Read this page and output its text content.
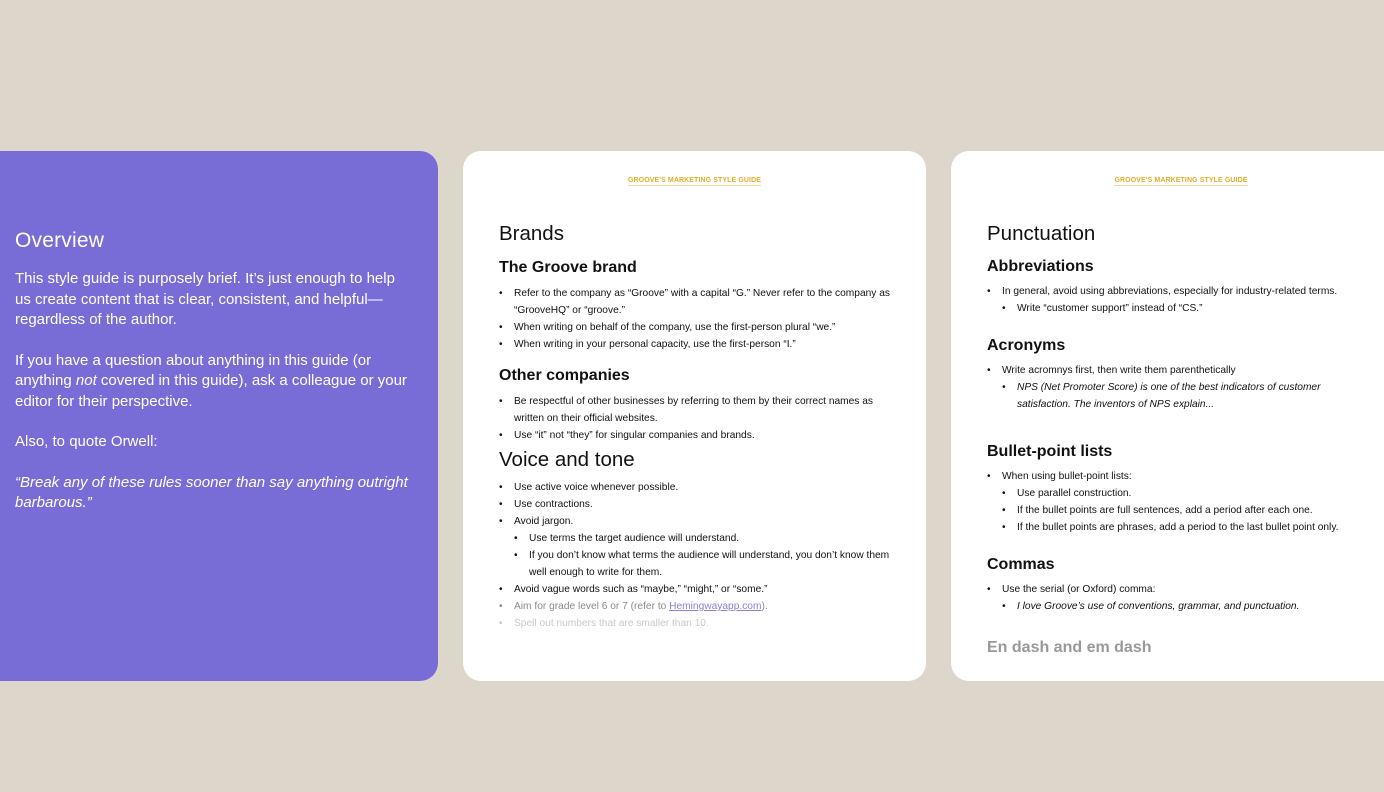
Overview

This style guide is purposely brief. It’s just enough to help us create content that is clear, consistent, and helpful—regardless of the author.

If you have a question about anything in this guide (or anything not covered in this guide), ask a colleague or your editor for their perspective.

Also, to quote Orwell:

“Break any of these rules sooner than say anything outright barbarous.”

GROOVE'S MARKETING STYLE GUIDE
Brands
The Groove brand
• Refer to the company as “Groove” with a capital “G.” Never refer to the company as “GrooveHQ” or “groove.”
• When writing on behalf of the company, use the first-person plural “we.”
• When writing in your personal capacity, use the first-person “I.”
Other companies
• Be respectful of other businesses by referring to them by their correct names as written on their official websites.
• Use “it” not “they” for singular companies and brands.
Voice and tone
• Use active voice whenever possible.
• Use contractions.
• Avoid jargon.
• Use terms the target audience will understand.
• If you don’t know what terms the audience will understand, you don’t know them well enough to write for them.
• Avoid vague words such as “maybe,” “might,” or “some.”
• Aim for grade level 6 or 7 (refer to Hemingwayapp.com).
• Spell out numbers that are smaller than 10.
GROOVE'S MARKETING STYLE GUIDE
Punctuation
Abbreviations
• In general, avoid using abbreviations, especially for industry-related terms.
• Write “customer support” instead of “CS.”
Acronyms
• Write acromnys first, then write them parenthetically
• NPS (Net Promoter Score) is one of the best indicators of customer satisfaction. The inventors of NPS explain...
Bullet-point lists
• When using bullet-point lists:
• Use parallel construction.
• If the bullet points are full sentences, add a period after each one.
• If the bullet points are phrases, add a period to the last bullet point only.
Commas
• Use the serial (or Oxford) comma:
• I love Groove’s use of conventions, grammar, and punctuation.
En dash and em dash
